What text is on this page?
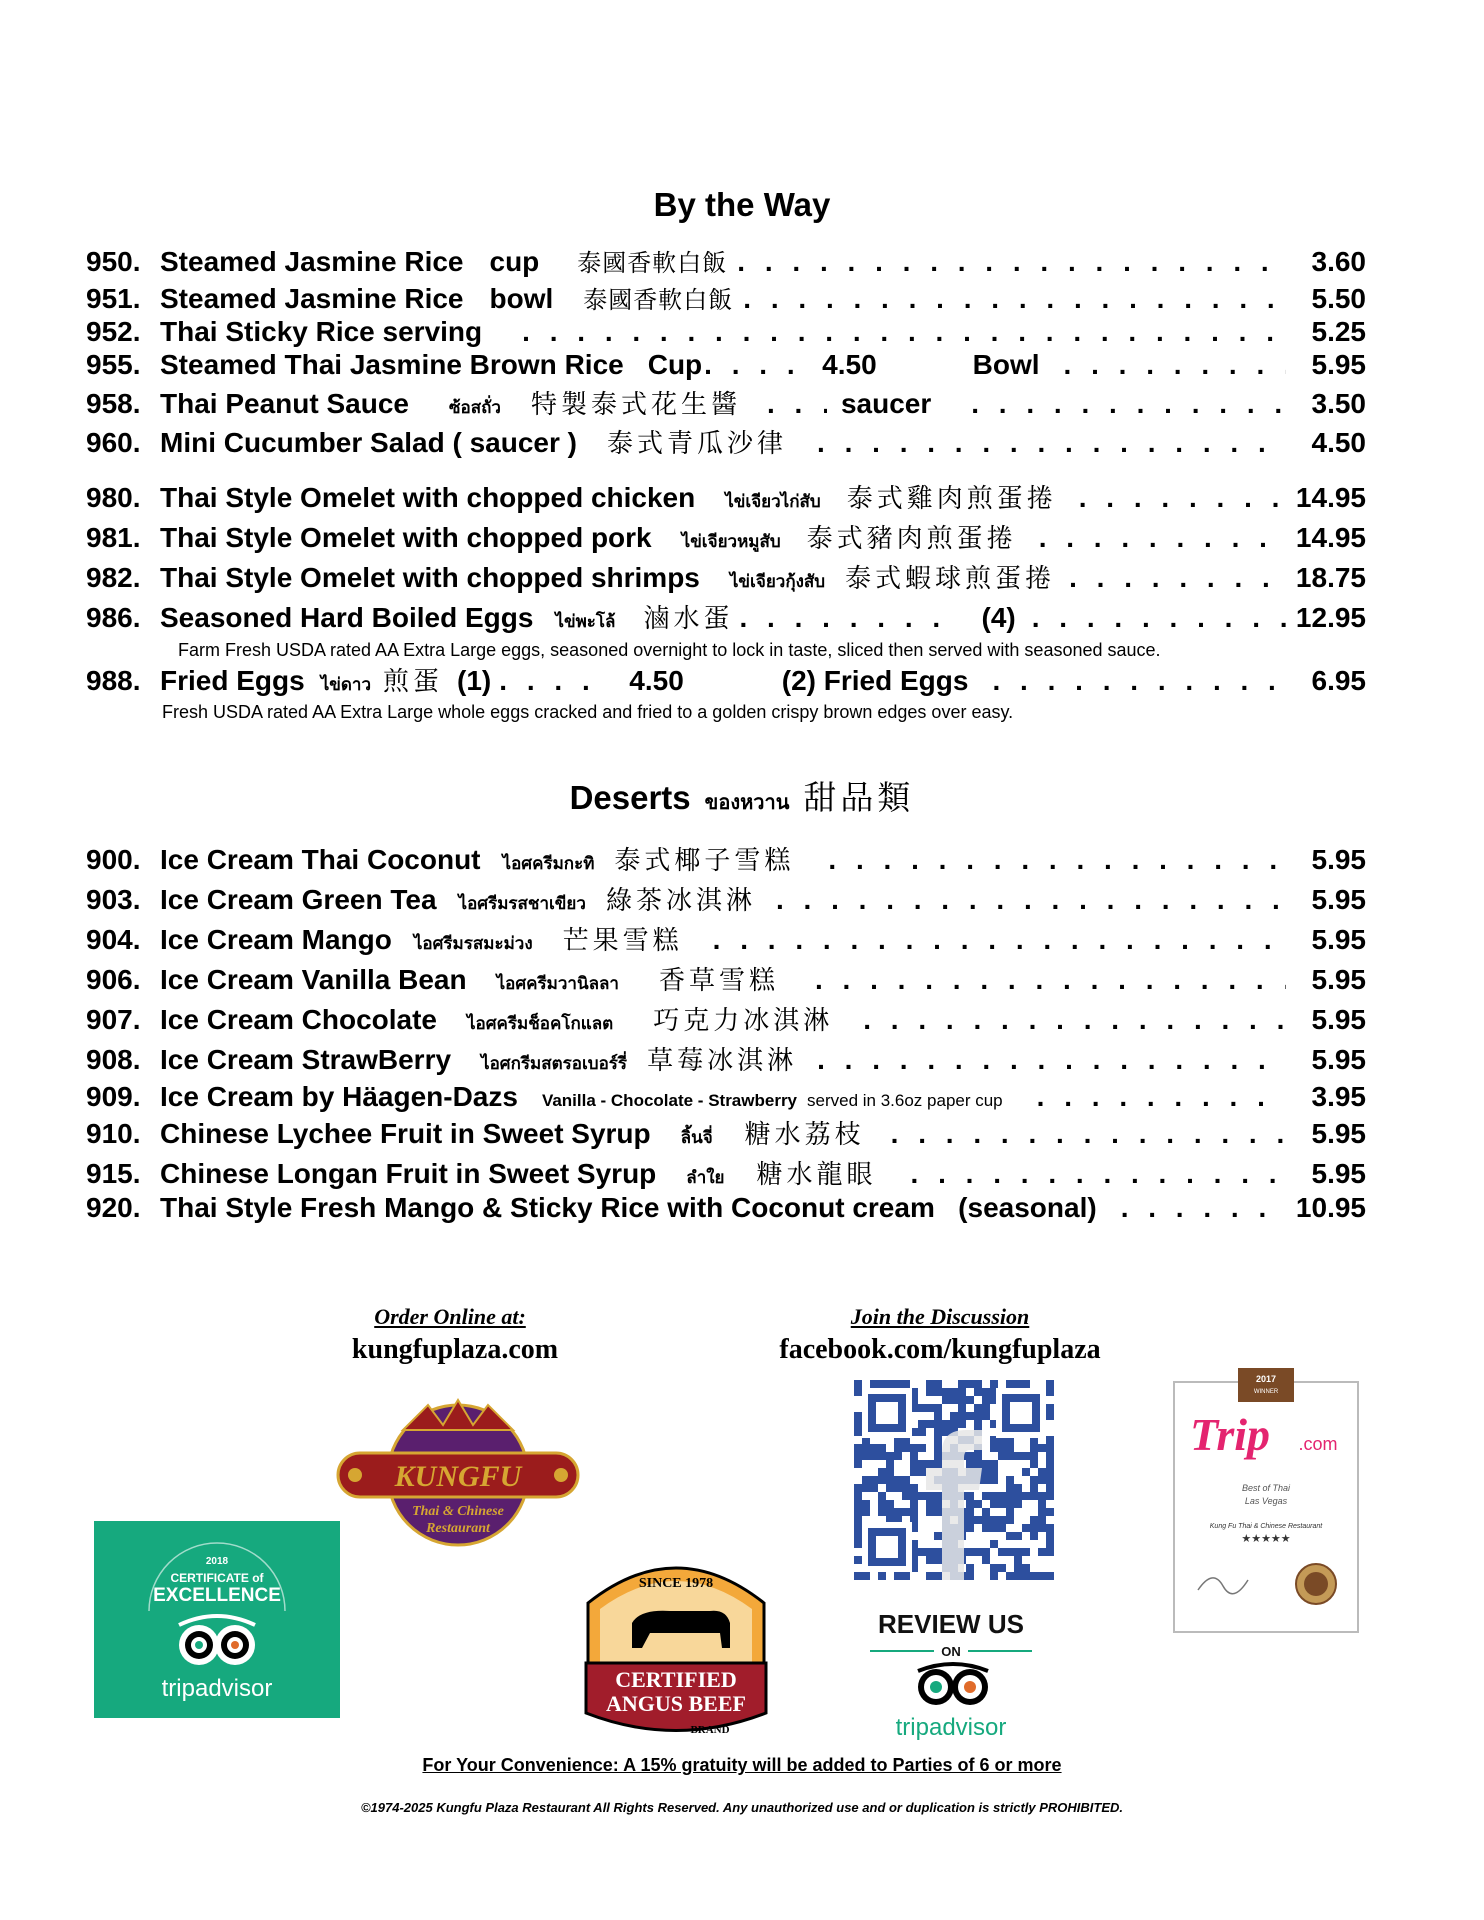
By the Way
950. Steamed Jasmine Rice cup 泰國香軟白飯 . . .	3.60
951. Steamed Jasmine Rice bowl 泰國香軟白飯 . . .	5.50
952. Thai Sticky Rice serving . . .	5.25
955. Steamed Thai Jasmine Brown Rice Cup . . .	4.50	Bowl . . .	5.95
958. Thai Peanut Sauce ซ้อสถั่ว 特製泰式花生醬 . . .	saucer . . .	3.50
960. Mini Cucumber Salad ( saucer ) 泰式青瓜沙律 . . .	4.50
980. Thai Style Omelet with chopped chicken ไข่เจียวไก่สับ 泰式雞肉煎蛋捲 . . .	14.95
981. Thai Style Omelet with chopped pork ไข่เจียวหมูสับ 泰式豬肉煎蛋捲 . . .	14.95
982. Thai Style Omelet with chopped shrimps ไข่เจียวกุ้งสับ 泰式蝦球煎蛋捲 . . .	18.75
986. Seasoned Hard Boiled Eggs ไข่พะโล้ 滷水蛋 . . .	(4) . . .	12.95
Farm Fresh USDA rated AA Extra Large eggs, seasoned overnight to lock in taste, sliced then served with seasoned sauce.
988. Fried Eggs ไข่ดาว 煎蛋 (1) . . .	4.50	(2) Fried Eggs . . .	6.95
Fresh USDA rated AA Extra Large whole eggs cracked and fried to a golden crispy brown edges over easy.
Deserts ของหวาน 甜品類
900. Ice Cream Thai Coconut ไอศครีมกะทิ 泰式椰子雪糕 . . .	5.95
903. Ice Cream Green Tea ไอศรีมรสชาเขียว 綠茶冰淇淋 . . .	5.95
904. Ice Cream Mango ไอศรีมรสมะม่วง 芒果雪糕 . . .	5.95
906. Ice Cream Vanilla Bean ไอศครีมวานิลลา 香草雪糕 . . .	5.95
907. Ice Cream Chocolate ไอศครีมช็อคโกแลต 巧克力冰淇淋 . . .	5.95
908. Ice Cream StrawBerry ไอศกรีมสตรอเบอร์รี่ 草莓冰淇淋 . . .	5.95
909. Ice Cream by Häagen-Dazs Vanilla - Chocolate - Strawberry served in 3.6oz paper cup . . .	3.95
910. Chinese Lychee Fruit in Sweet Syrup ลิ้นจี่ 糖水荔枝 . . .	5.95
915. Chinese Longan Fruit in Sweet Syrup ลำใย 糖水龍眼 . . .	5.95
920. Thai Style Fresh Mango & Sticky Rice with Coconut cream   (seasonal) . . .	10.95
Order Online at:
kungfuplaza.com
Join the Discussion
facebook.com/kungfuplaza
KUNGFU
Thai & Chinese
Restaurant
2017
WINNER
Trip .com
Best of Thai
Las Vegas
Kung Fu Thai & Chinese Restaurant
★★★★★
2018
CERTIFICATE of
EXCELLENCE
tripadvisor
SINCE 1978
CERTIFIED
ANGUS BEEF
BRAND
REVIEW US
ON
tripadvisor
For Your Convenience: A 15% gratuity will be added to Parties of 6 or more
©1974-2025 Kungfu Plaza Restaurant All Rights Reserved. Any unauthorized use and or duplication is strictly PROHIBITED.
